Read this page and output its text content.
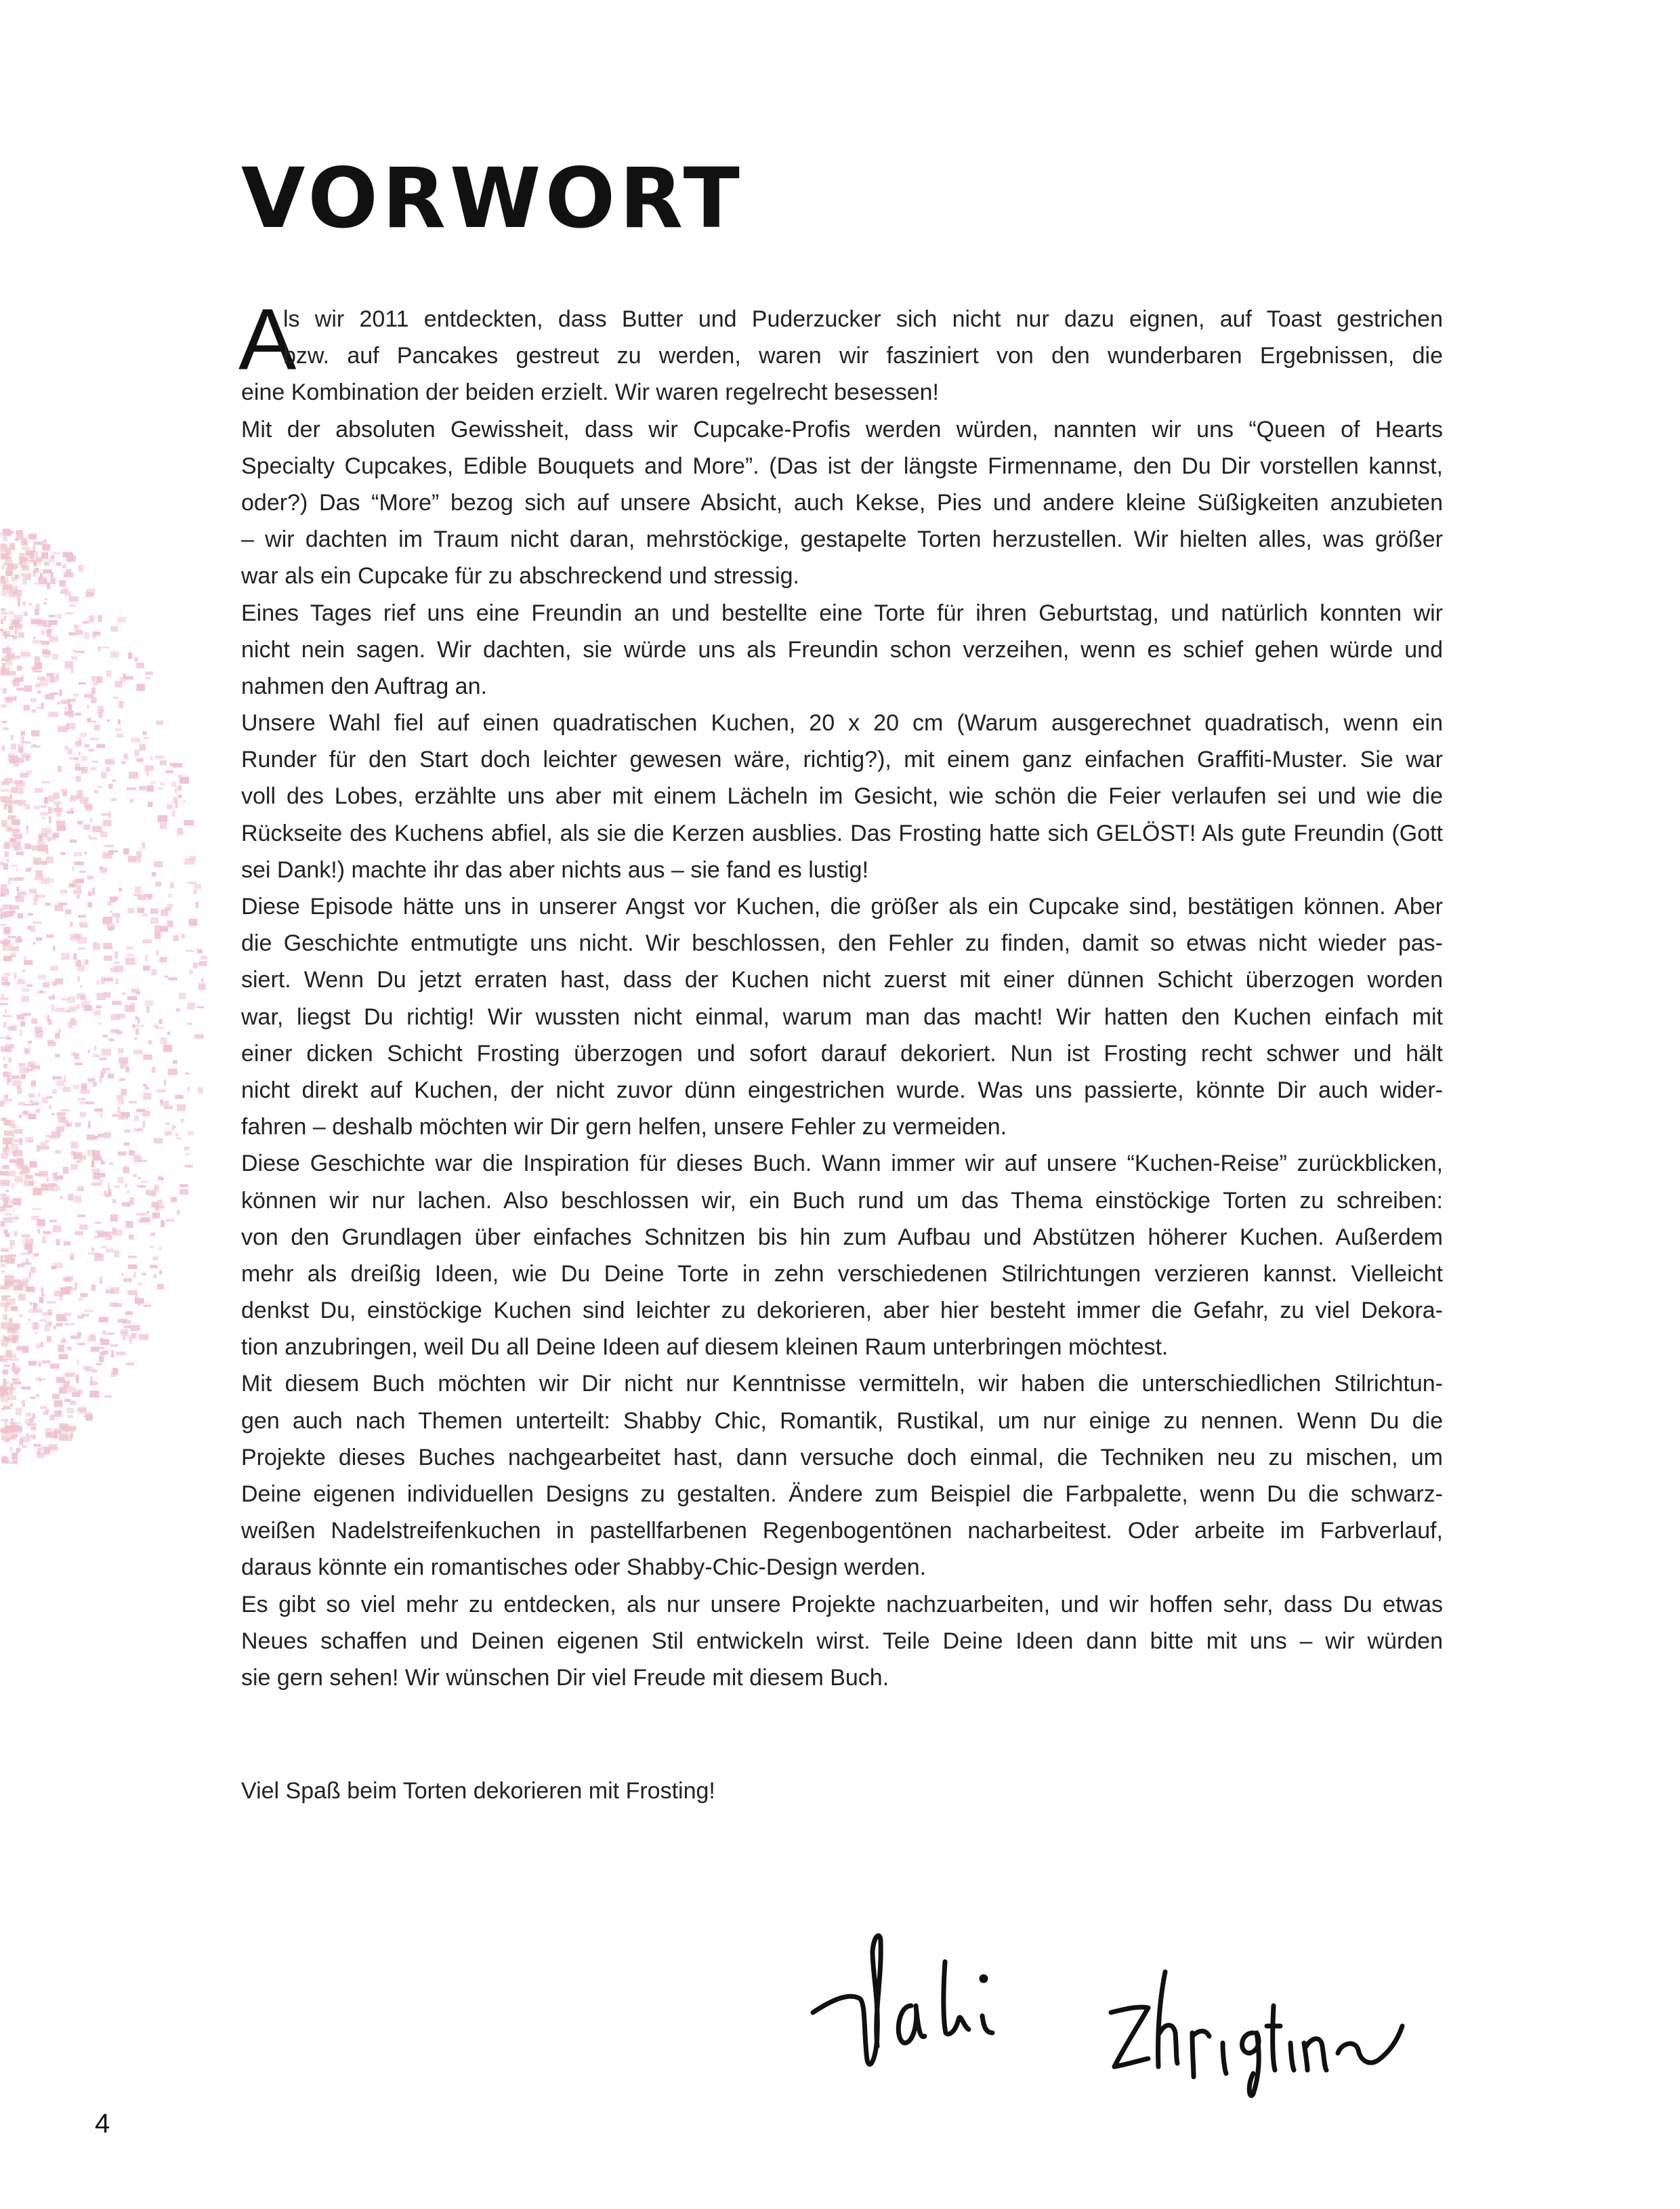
VORWORT
A
ls wir 2011 entdeckten, dass Butter und Puderzucker sich nicht nur dazu eignen, auf Toast gestrichen
bzw. auf Pancakes gestreut zu werden, waren wir fasziniert von den wunderbaren Ergebnissen, die
eine Kombination der beiden erzielt. Wir waren regelrecht besessen!
Mit der absoluten Gewissheit, dass wir Cupcake-Profis werden würden, nannten wir uns “Queen of Hearts
Specialty Cupcakes, Edible Bouquets and More”. (Das ist der längste Firmenname, den Du Dir vorstellen kannst,
oder?) Das “More” bezog sich auf unsere Absicht, auch Kekse, Pies und andere kleine Süßigkeiten anzubieten
– wir dachten im Traum nicht daran, mehrstöckige, gestapelte Torten herzustellen. Wir hielten alles, was größer
war als ein Cupcake für zu abschreckend und stressig.
Eines Tages rief uns eine Freundin an und bestellte eine Torte für ihren Geburtstag, und natürlich konnten wir
nicht nein sagen. Wir dachten, sie würde uns als Freundin schon verzeihen, wenn es schief gehen würde und
nahmen den Auftrag an.
Unsere Wahl fiel auf einen quadratischen Kuchen, 20 x 20 cm (Warum ausgerechnet quadratisch, wenn ein
Runder für den Start doch leichter gewesen wäre, richtig?), mit einem ganz einfachen Graffiti-Muster. Sie war
voll des Lobes, erzählte uns aber mit einem Lächeln im Gesicht, wie schön die Feier verlaufen sei und wie die
Rückseite des Kuchens abfiel, als sie die Kerzen ausblies. Das Frosting hatte sich GELÖST! Als gute Freundin (Gott
sei Dank!) machte ihr das aber nichts aus – sie fand es lustig!
Diese Episode hätte uns in unserer Angst vor Kuchen, die größer als ein Cupcake sind, bestätigen können. Aber
die Geschichte entmutigte uns nicht. Wir beschlossen, den Fehler zu finden, damit so etwas nicht wieder pas-
siert. Wenn Du jetzt erraten hast, dass der Kuchen nicht zuerst mit einer dünnen Schicht überzogen worden
war, liegst Du richtig! Wir wussten nicht einmal, warum man das macht! Wir hatten den Kuchen einfach mit
einer dicken Schicht Frosting überzogen und sofort darauf dekoriert. Nun ist Frosting recht schwer und hält
nicht direkt auf Kuchen, der nicht zuvor dünn eingestrichen wurde. Was uns passierte, könnte Dir auch wider-
fahren – deshalb möchten wir Dir gern helfen, unsere Fehler zu vermeiden.
Diese Geschichte war die Inspiration für dieses Buch. Wann immer wir auf unsere “Kuchen-Reise” zurückblicken,
können wir nur lachen. Also beschlossen wir, ein Buch rund um das Thema einstöckige Torten zu schreiben:
von den Grundlagen über einfaches Schnitzen bis hin zum Aufbau und Abstützen höherer Kuchen. Außerdem
mehr als dreißig Ideen, wie Du Deine Torte in zehn verschiedenen Stilrichtungen verzieren kannst. Vielleicht
denkst Du, einstöckige Kuchen sind leichter zu dekorieren, aber hier besteht immer die Gefahr, zu viel Dekora-
tion anzubringen, weil Du all Deine Ideen auf diesem kleinen Raum unterbringen möchtest.
Mit diesem Buch möchten wir Dir nicht nur Kenntnisse vermitteln, wir haben die unterschiedlichen Stilrichtun-
gen auch nach Themen unterteilt: Shabby Chic, Romantik, Rustikal, um nur einige zu nennen. Wenn Du die
Projekte dieses Buches nachgearbeitet hast, dann versuche doch einmal, die Techniken neu zu mischen, um
Deine eigenen individuellen Designs zu gestalten. Ändere zum Beispiel die Farbpalette, wenn Du die schwarz-
weißen Nadelstreifenkuchen in pastellfarbenen Regenbogentönen nacharbeitest. Oder arbeite im Farbverlauf,
daraus könnte ein romantisches oder Shabby-Chic-Design werden.
Es gibt so viel mehr zu entdecken, als nur unsere Projekte nachzuarbeiten, und wir hoffen sehr, dass Du etwas
Neues schaffen und Deinen eigenen Stil entwickeln wirst. Teile Deine Ideen dann bitte mit uns – wir würden
sie gern sehen! Wir wünschen Dir viel Freude mit diesem Buch.
Viel Spaß beim Torten dekorieren mit Frosting!
4
